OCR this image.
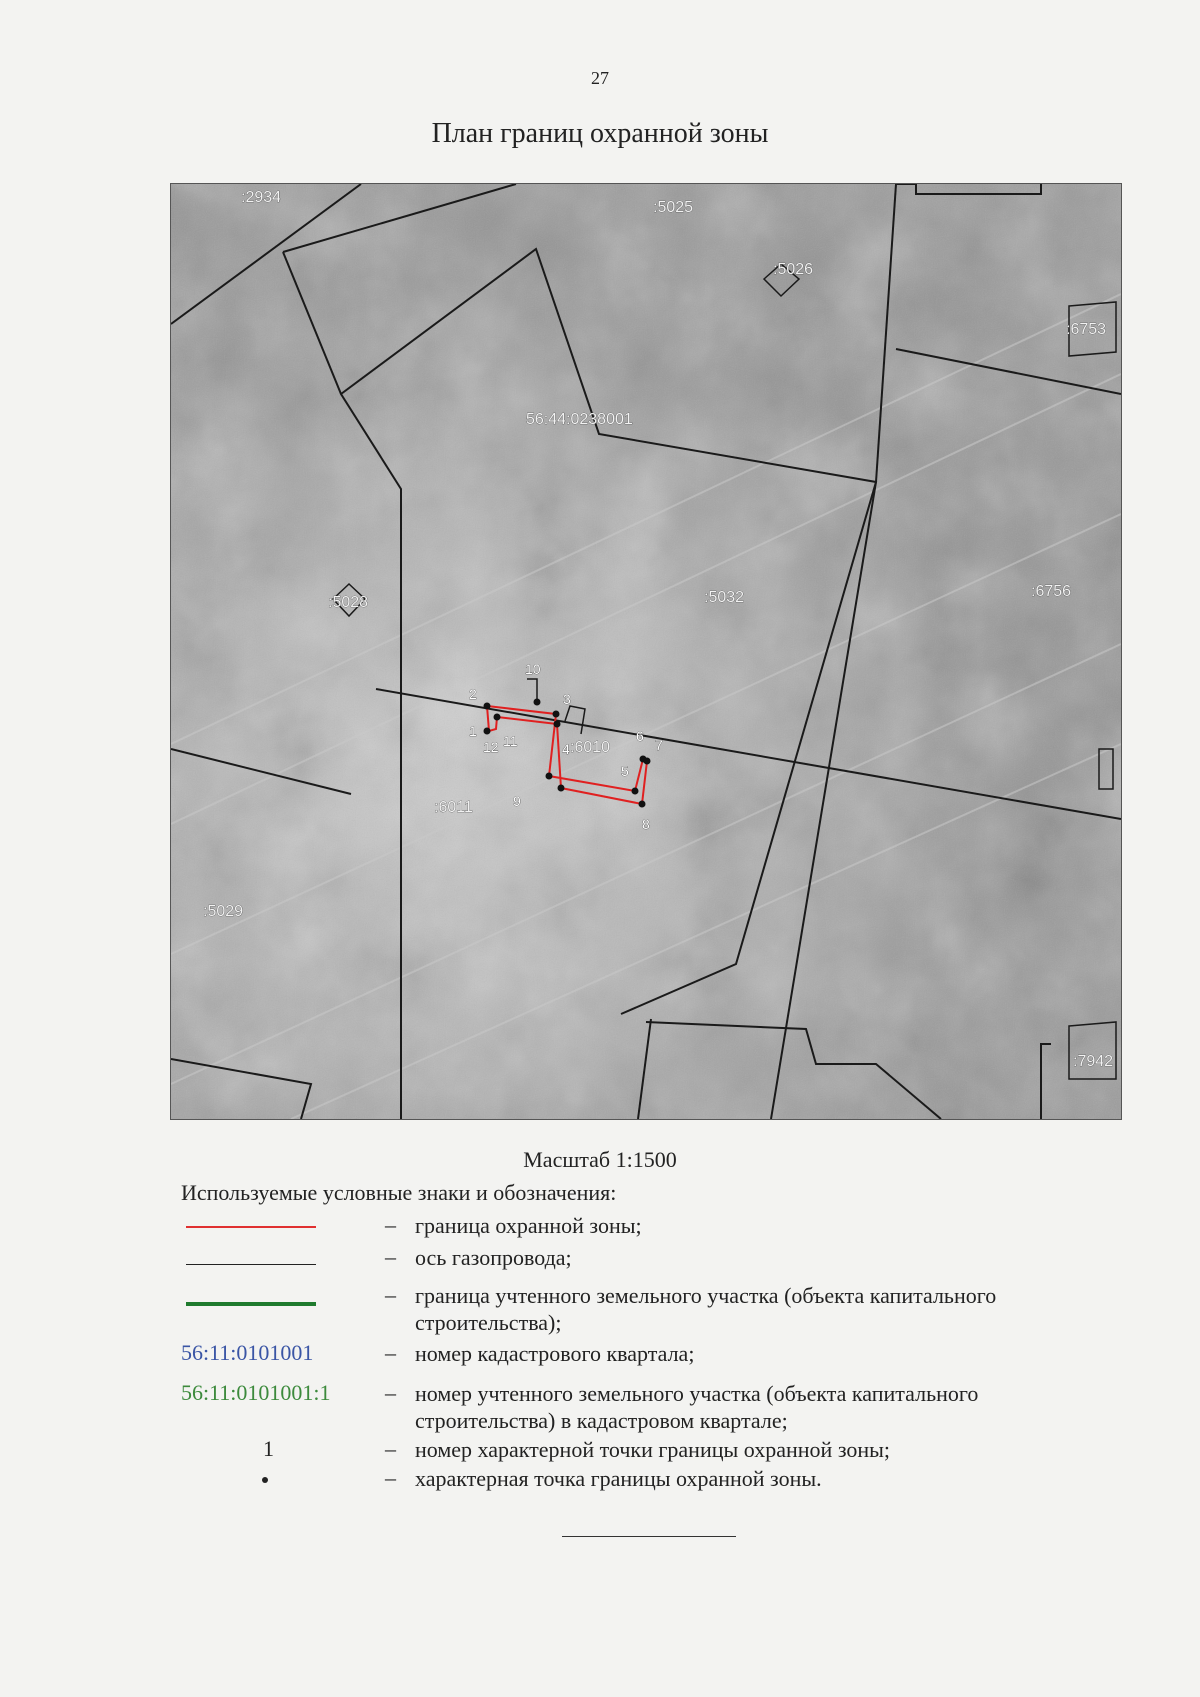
27
План границ охранной зоны
:2934
:5025
:5026
:6753
56:44:0238001
:5028	:5032	:6756
:6011
:6010
:5029
:7942
1
2	3
4
5
6
7
8
9
10
11
12
Масштаб 1:1500
Используемые условные знаки и обозначения:
– граница охранной зоны;
– ось газопровода;
– граница учтенного земельного участка (объекта капитального строительства);
56:11:0101001	– номер кадастрового квартала;
56:11:0101001:1 – номер учтенного земельного участка (объекта капитального строительства) в кадастровом квартале;
1	– номер характерной точки границы охранной зоны;
– характерная точка границы охранной зоны.
